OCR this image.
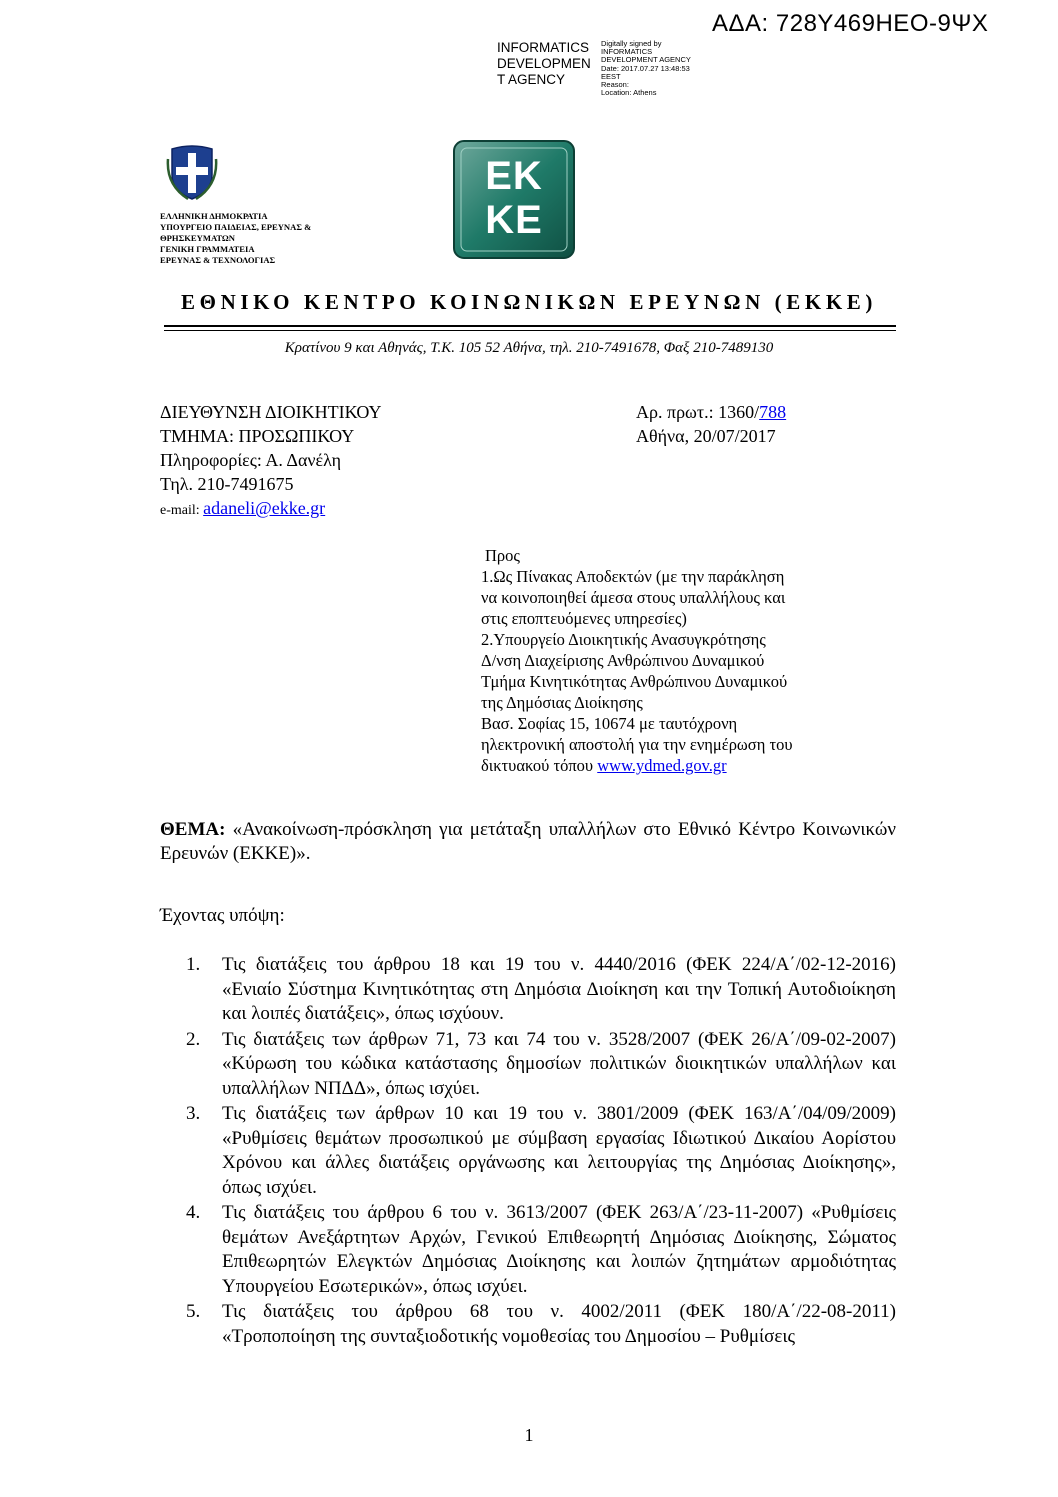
ΑΔΑ: 728Υ469ΗΕΟ-9ΨΧ
INFORMATICS
DEVELOPMEN
T AGENCY
Digitally signed by
INFORMATICS
DEVELOPMENT AGENCY
Date: 2017.07.27 13:48:53
EEST
Reason:
Location: Athens
ΕΚ
ΚΕ
ΕΛΛΗΝΙΚΗ ΔΗΜΟΚΡΑΤΙΑ
ΥΠΟΥΡΓΕΙΟ ΠΑΙΔΕΙΑΣ, ΕΡΕΥΝΑΣ &
ΘΡΗΣΚΕΥΜΑΤΩΝ
ΓΕΝΙΚΗ ΓΡΑΜΜΑΤΕΙΑ
ΕΡΕΥΝΑΣ & ΤΕΧΝΟΛΟΓΙΑΣ
ΕΘΝΙΚΟ ΚΕΝΤΡΟ ΚΟΙΝΩΝΙΚΩΝ ΕΡΕΥΝΩΝ (ΕΚΚΕ)
Κρατίνου 9 και Αθηνάς, Τ.Κ. 105 52 Αθήνα, τηλ. 210-7491678, Φαξ 210-7489130
ΔΙΕΥΘΥΝΣΗ ΔΙΟΙΚΗΤΙΚΟΥ
ΤΜΗΜΑ: ΠΡΟΣΩΠΙΚΟΥ
Πληροφορίες: Α. Δανέλη
Τηλ. 210-7491675
e-mail: adaneli@ekke.gr
Αρ. πρωτ.: 1360/788
Αθήνα, 20/07/2017
Προς
1.Ως Πίνακας Αποδεκτών (με την παράκληση
να κοινοποιηθεί άμεσα στους υπαλλήλους και
στις εποπτευόμενες υπηρεσίες)
2.Υπουργείο Διοικητικής Ανασυγκρότησης
Δ/νση Διαχείρισης Ανθρώπινου Δυναμικού
Τμήμα Κινητικότητας Ανθρώπινου Δυναμικού
της Δημόσιας Διοίκησης
Βασ. Σοφίας 15, 10674 με ταυτόχρονη
ηλεκτρονική αποστολή για την ενημέρωση του
δικτυακού τόπου www.ydmed.gov.gr
ΘΕΜΑ: «Ανακοίνωση-πρόσκληση για μετάταξη υπαλλήλων στο Εθνικό Κέντρο Κοινωνικών Ερευνών (ΕΚΚΕ)».
Έχοντας υπόψη:
1. Τις διατάξεις του άρθρου 18 και 19 του ν. 4440/2016 (ΦΕΚ 224/Α΄/02-12-2016) «Ενιαίο Σύστημα Κινητικότητας στη Δημόσια Διοίκηση και την Τοπική Αυτοδιοίκηση και λοιπές διατάξεις», όπως ισχύουν.
2. Τις διατάξεις των άρθρων 71, 73 και 74 του ν. 3528/2007 (ΦΕΚ 26/Α΄/09-02-2007) «Κύρωση του κώδικα κατάστασης δημοσίων πολιτικών διοικητικών υπαλλήλων και υπαλλήλων ΝΠΔΔ», όπως ισχύει.
3. Τις διατάξεις των άρθρων 10 και 19 του ν. 3801/2009 (ΦΕΚ 163/Α΄/04/09/2009) «Ρυθμίσεις θεμάτων προσωπικού με σύμβαση εργασίας Ιδιωτικού Δικαίου Αορίστου Χρόνου και άλλες διατάξεις οργάνωσης και λειτουργίας της Δημόσιας Διοίκησης», όπως ισχύει.
4. Τις διατάξεις του άρθρου 6 του ν. 3613/2007 (ΦΕΚ 263/Α΄/23-11-2007) «Ρυθμίσεις θεμάτων Ανεξάρτητων Αρχών, Γενικού Επιθεωρητή Δημόσιας Διοίκησης, Σώματος Επιθεωρητών Ελεγκτών Δημόσιας Διοίκησης και λοιπών ζητημάτων αρμοδιότητας Υπουργείου Εσωτερικών», όπως ισχύει.
5. Τις διατάξεις του άρθρου 68 του ν. 4002/2011 (ΦΕΚ 180/Α΄/22-08-2011) «Τροποποίηση της συνταξιοδοτικής νομοθεσίας του Δημοσίου – Ρυθμίσεις
1
